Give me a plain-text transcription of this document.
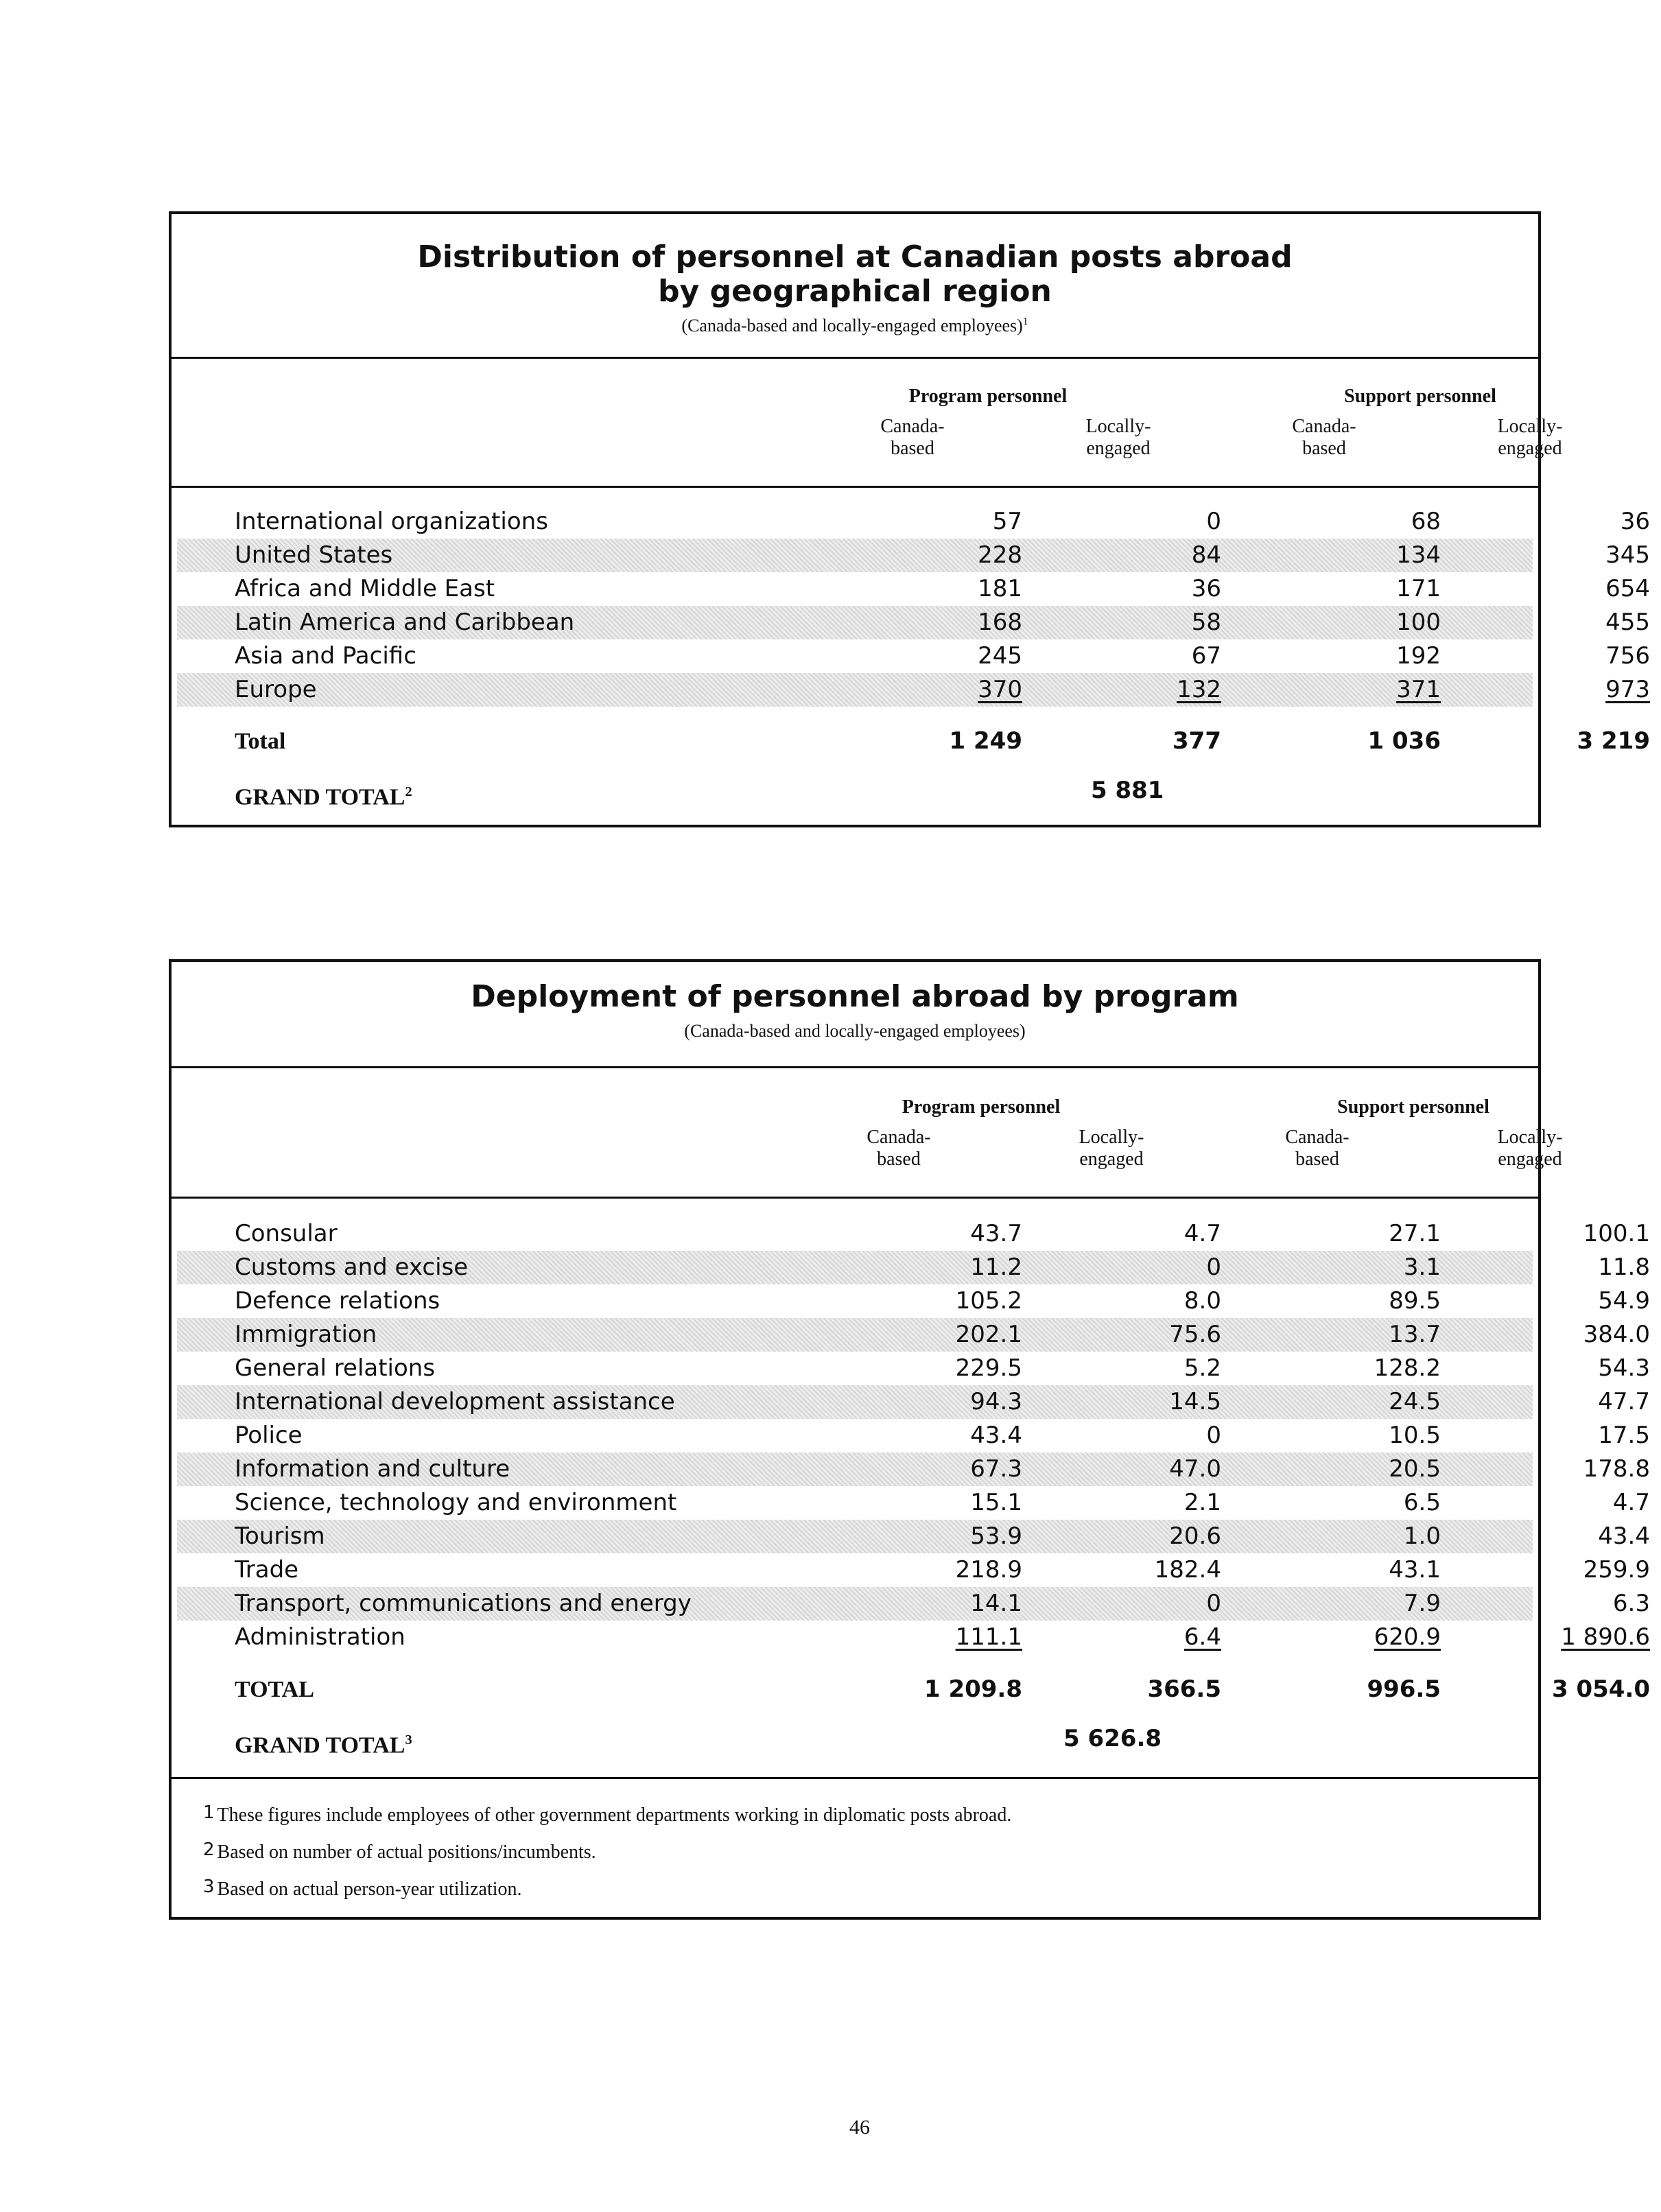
Distribution of personnel at Canadian posts abroad
by geographical region
(Canada-based and locally-engaged employees)$^1$
Program personnel	Support personnel
Canada-
based
Locally-
engaged
Canada-
based
Locally-
engaged
International organizations	57	0	68	36
United States	228	84	134	345
Africa and Middle East	181	36	171	654
Latin America and Caribbean	168	58	100	455
Asia and Pacific	245	67	192	756
Europe	370	132	371	973
Total	1 249	377	1 036	3 219
GRAND TOTAL$^2$	5 881
Deployment of personnel abroad by program
(Canada-based and locally-engaged employees)
Program personnel	Support personnel
Canada-
based
Locally-
engaged
Canada-
based
Locally-
engaged
Consular	43.7	4.7	27.1	100.1
Customs and excise	11.2	0	3.1	11.8
Defence relations	105.2	8.0	89.5	54.9
Immigration	202.1	75.6	13.7	384.0
General relations	229.5	5.2	128.2	54.3
International development assistance	94.3	14.5	24.5	47.7
Police	43.4	0	10.5	17.5
Information and culture	67.3	47.0	20.5	178.8
Science, technology and environment	15.1	2.1	6.5	4.7
Tourism	53.9	20.6	1.0	43.4
Trade	218.9	182.4	43.1	259.9
Transport, communications and energy	14.1	0	7.9	6.3
Administration	111.1	6.4	620.9	1 890.6
TOTAL	1 209.8	366.5	996.5	3 054.0
GRAND TOTAL$^3$	5 626.8
1 These figures include employees of other government departments working in diplomatic posts abroad.
2 Based on number of actual positions/incumbents.
3 Based on actual person-year utilization.
46
